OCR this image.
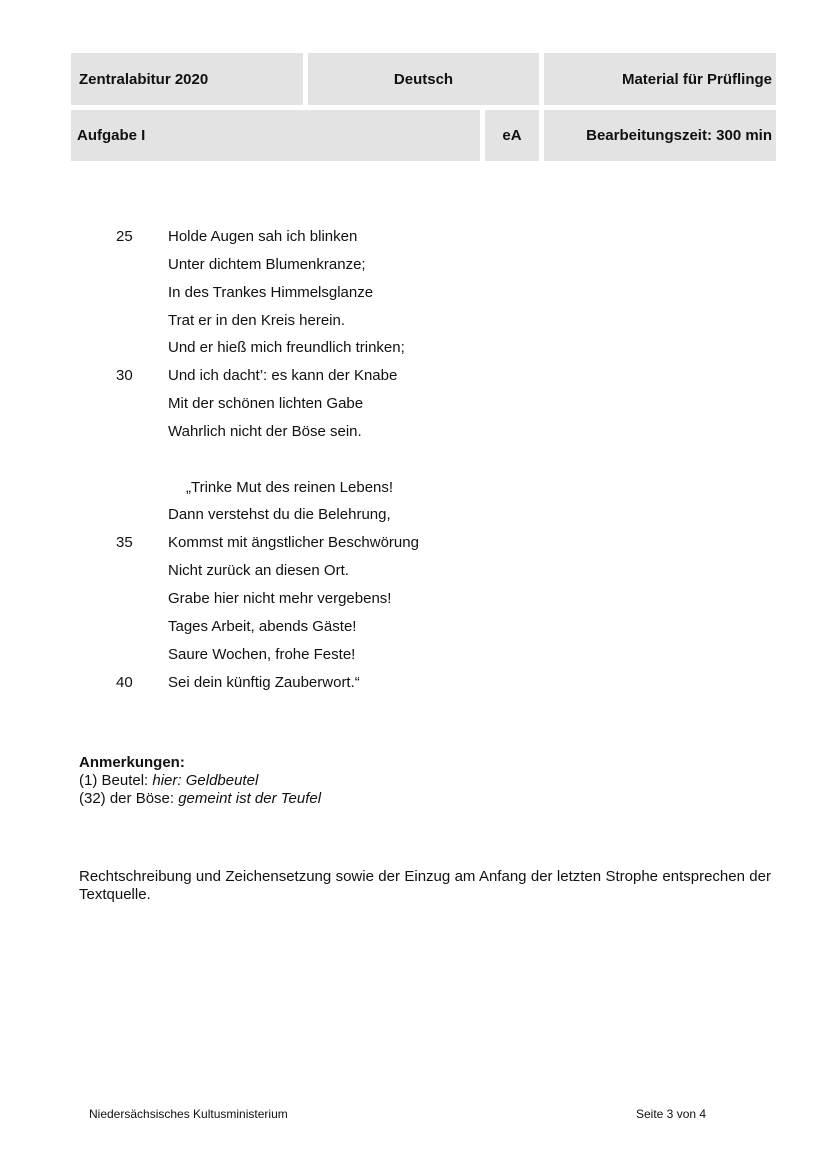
Zentralabitur 2020	Deutsch	Material für Prüflinge
Aufgabe I	eA	Bearbeitungszeit: 300 min
25 Holde Augen sah ich blinken
Unter dichtem Blumenkranze;
In des Trankes Himmelsglanze
Trat er in den Kreis herein.
Und er hieß mich freundlich trinken;
30 Und ich dacht’: es kann der Knabe
Mit der schönen lichten Gabe
Wahrlich nicht der Böse sein.
„Trinke Mut des reinen Lebens!
Dann verstehst du die Belehrung,
35 Kommst mit ängstlicher Beschwörung
Nicht zurück an diesen Ort.
Grabe hier nicht mehr vergebens!
Tages Arbeit, abends Gäste!
Saure Wochen, frohe Feste!
40 Sei dein künftig Zauberwort.“
Anmerkungen:
(1) Beutel: hier: Geldbeutel
(32) der Böse: gemeint ist der Teufel
Rechtschreibung und Zeichensetzung sowie der Einzug am Anfang der letzten Strophe entsprechen der Textquelle.
Niedersächsisches Kultusministerium	Seite 3 von 4
